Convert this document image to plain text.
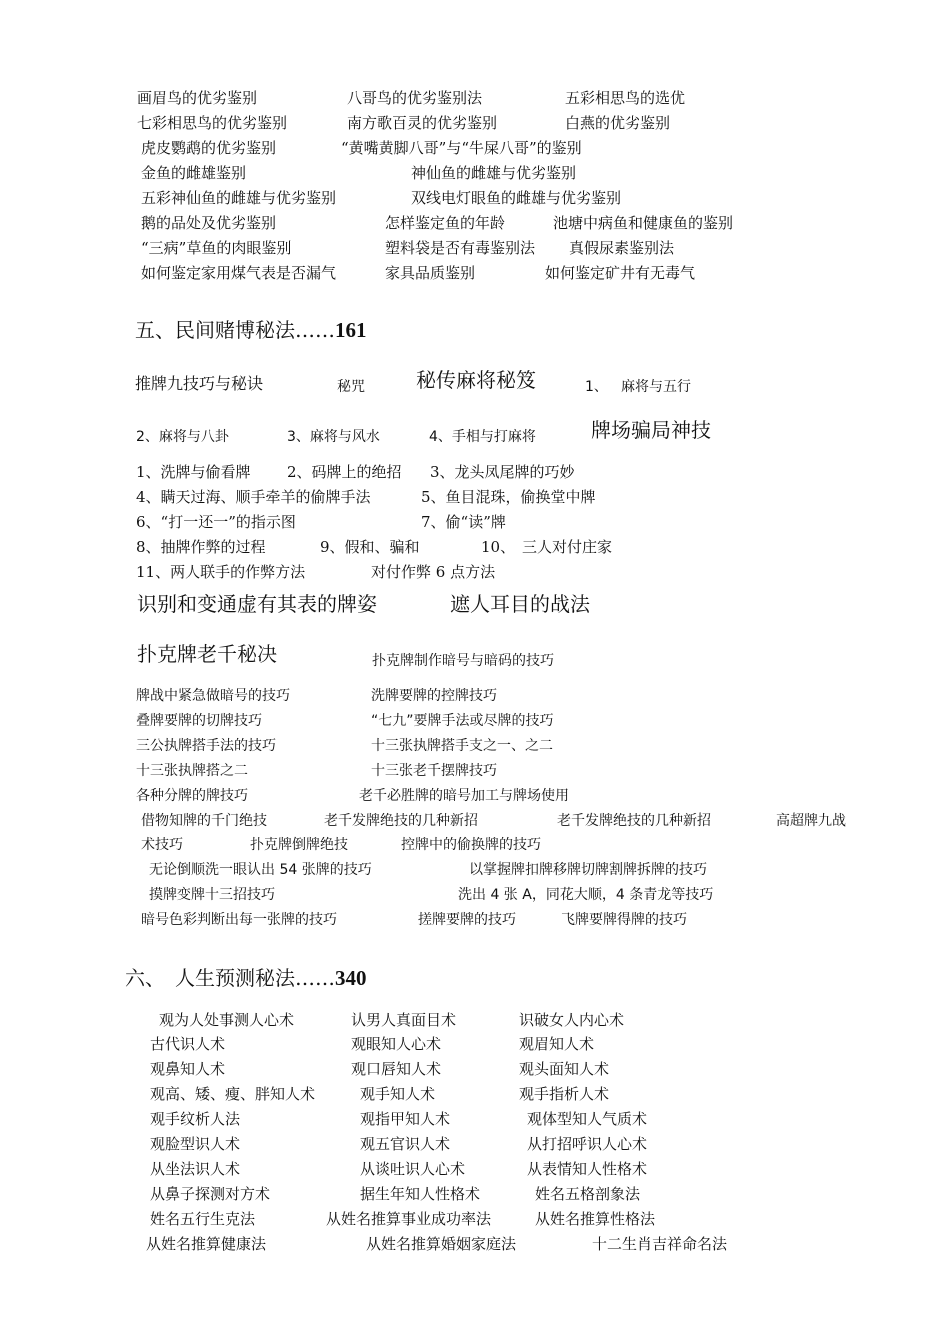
画眉鸟的优劣鉴别	八哥鸟的优劣鉴别法	五彩相思鸟的选优
七彩相思鸟的优劣鉴别	南方歌百灵的优劣鉴别	白燕的优劣鉴别
虎皮鹦鹉的优劣鉴别	“黄嘴黄脚八哥”与“牛屎八哥”的鉴别
金鱼的雌雄鉴别	神仙鱼的雌雄与优劣鉴别
五彩神仙鱼的雌雄与优劣鉴别	双线电灯眼鱼的雌雄与优劣鉴别
鹅的品处及优劣鉴别	怎样鉴定鱼的年龄	池塘中病鱼和健康鱼的鉴别
“三病”草鱼的肉眼鉴别	塑料袋是否有毒鉴别法 真假尿素鉴别法
如何鉴定家用煤气表是否漏气	家具品质鉴别	如何鉴定矿井有无毒气
五、民间赌博秘法……161
推牌九技巧与秘诀	秘咒	秘传麻将秘笈	1、 麻将与五行
2、麻将与八卦	3、麻将与风水	4、手相与打麻将	牌场骗局神技
1、洗牌与偷看牌 2、码牌上的绝招 3、龙头凤尾牌的巧妙
4、瞒天过海、顺手牵羊的偷牌手法	5、鱼目混珠，偷换堂中牌
6、“打一还一”的指示图	7、偷“读”牌
8、抽牌作弊的过程	9、假和、骗和	10、 三人对付庄家
11、两人联手的作弊方法	对付作弊 6 点方法
识别和变通虚有其表的牌姿	遮人耳目的战法
扑克牌老千秘决	扑克牌制作暗号与暗码的技巧
牌战中紧急做暗号的技巧	洗牌要牌的控牌技巧
叠牌要牌的切牌技巧	“七九”要牌手法或尽牌的技巧
三公执牌搭手法的技巧	十三张执牌搭手支之一、之二
十三张执牌搭之二	十三张老千摆牌技巧
各种分牌的牌技巧	老千必胜牌的暗号加工与牌场使用
借物知牌的千门绝技	老千发牌绝技的几种新招	老千发牌绝技的几种新招	高超牌九战
术技巧	扑克牌倒牌绝技	控牌中的偷换牌的技巧
无论倒顺洗一眼认出 54 张牌的技巧	以掌握牌扣牌移牌切牌割牌拆牌的技巧
摸牌变牌十三招技巧	洗出 4 张 A，同花大顺，4 条青龙等技巧
暗号色彩判断出每一张牌的技巧	搓牌要牌的技巧	飞牌要牌得牌的技巧
六、 人生预测秘法……340
观为人处事测人心术	认男人真面目术	识破女人内心术
古代识人术	观眼知人心术	观眉知人术
观鼻知人术	观口唇知人术	观头面知人术
观高、矮、瘦、胖知人术	观手知人术	观手指析人术
观手纹析人法	观指甲知人术	观体型知人气质术
观脸型识人术	观五官识人术	从打招呼识人心术
从坐法识人术	从谈吐识人心术	从表情知人性格术
从鼻子探测对方术	据生年知人性格术	姓名五格剖象法
姓名五行生克法	从姓名推算事业成功率法	从姓名推算性格法
从姓名推算健康法	从姓名推算婚姻家庭法	十二生肖吉祥命名法
